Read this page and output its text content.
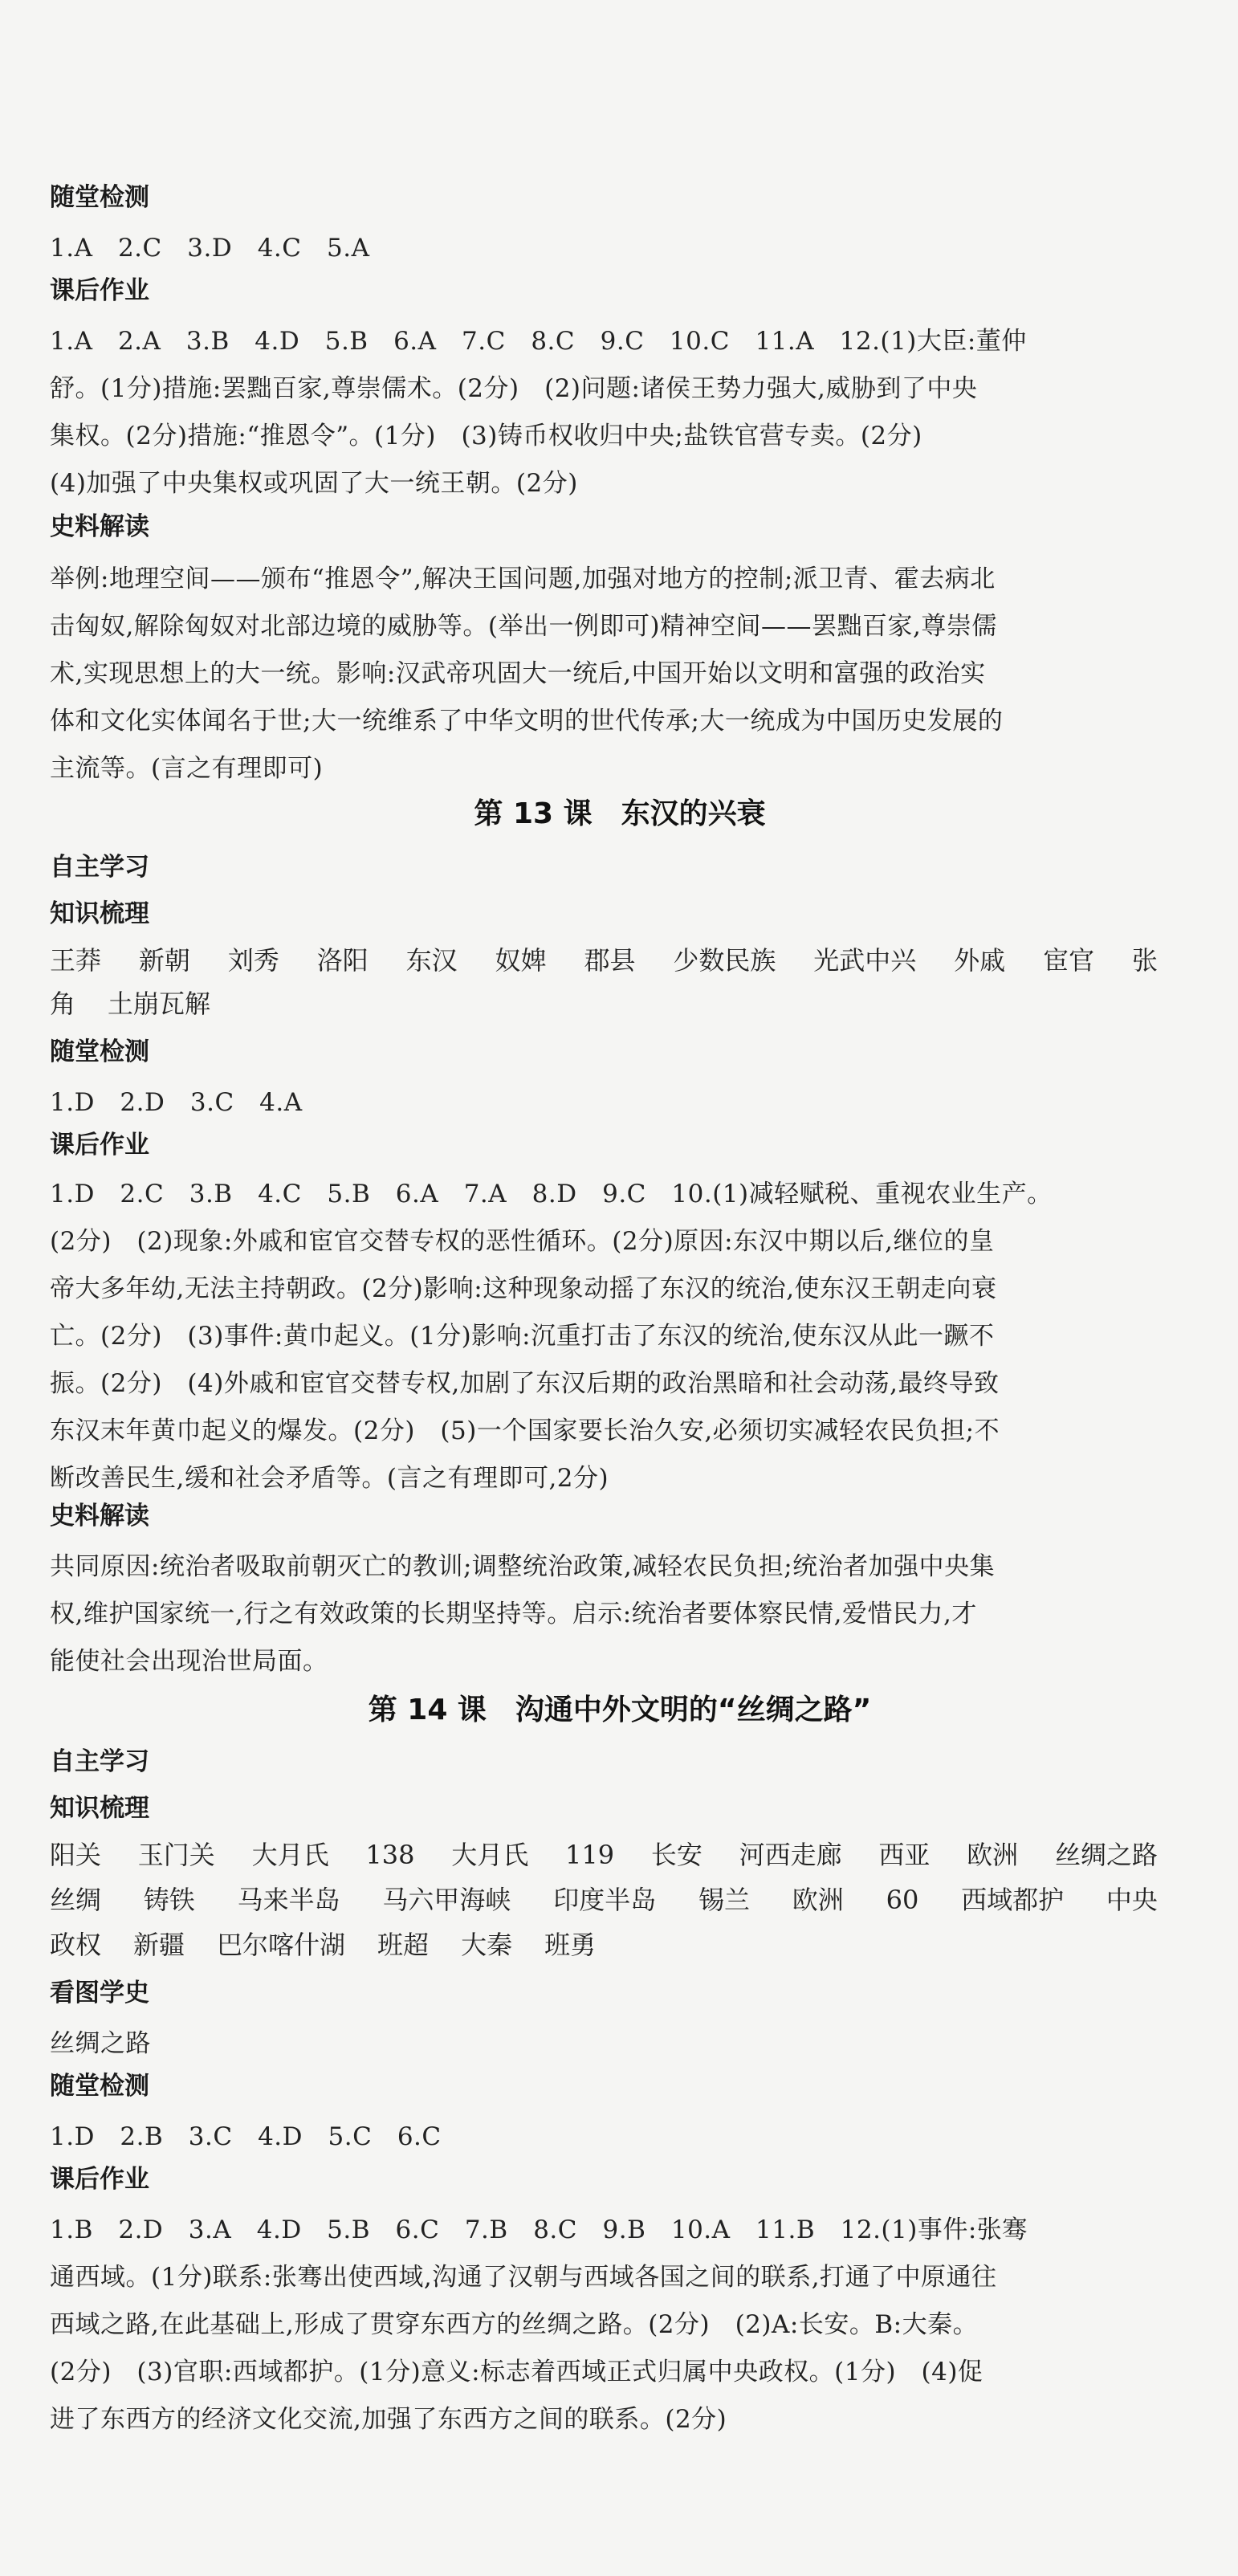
随堂检测
1.A　2.C　3.D　4.C　5.A
课后作业
1.A　2.A　3.B　4.D　5.B　6.A　7.C　8.C　9.C　10.C　11.A　12.(1)大臣:董仲
舒。(1分)措施:罢黜百家,尊崇儒术。(2分)　(2)问题:诸侯王势力强大,威胁到了中央
集权。(2分)措施:“推恩令”。(1分)　(3)铸币权收归中央;盐铁官营专卖。(2分)
(4)加强了中央集权或巩固了大一统王朝。(2分)
史料解读
举例:地理空间——颁布“推恩令”,解决王国问题,加强对地方的控制;派卫青、霍去病北
击匈奴,解除匈奴对北部边境的威胁等。(举出一例即可)精神空间——罢黜百家,尊崇儒
术,实现思想上的大一统。影响:汉武帝巩固大一统后,中国开始以文明和富强的政治实
体和文化实体闻名于世;大一统维系了中华文明的世代传承;大一统成为中国历史发展的
主流等。(言之有理即可)
第 13 课　东汉的兴衰
自主学习
知识梳理
王莽 新朝 刘秀 洛阳 东汉 奴婢 郡县 少数民族 光武中兴 外戚 宦官 张
角 土崩瓦解
随堂检测
1.D　2.D　3.C　4.A
课后作业
1.D　2.C　3.B　4.C　5.B　6.A　7.A　8.D　9.C　10.(1)减轻赋税、重视农业生产。
(2分)　(2)现象:外戚和宦官交替专权的恶性循环。(2分)原因:东汉中期以后,继位的皇
帝大多年幼,无法主持朝政。(2分)影响:这种现象动摇了东汉的统治,使东汉王朝走向衰
亡。(2分)　(3)事件:黄巾起义。(1分)影响:沉重打击了东汉的统治,使东汉从此一蹶不
振。(2分)　(4)外戚和宦官交替专权,加剧了东汉后期的政治黑暗和社会动荡,最终导致
东汉末年黄巾起义的爆发。(2分)　(5)一个国家要长治久安,必须切实减轻农民负担;不
断改善民生,缓和社会矛盾等。(言之有理即可,2分)
史料解读
共同原因:统治者吸取前朝灭亡的教训;调整统治政策,减轻农民负担;统治者加强中央集
权,维护国家统一,行之有效政策的长期坚持等。启示:统治者要体察民情,爱惜民力,才
能使社会出现治世局面。
第 14 课　沟通中外文明的“丝绸之路”
自主学习
知识梳理
阳关 玉门关 大月氏 138 大月氏 119 长安 河西走廊 西亚 欧洲 丝绸之路
丝绸 铸铁 马来半岛 马六甲海峡 印度半岛 锡兰 欧洲 60 西域都护 中央
政权 新疆 巴尔喀什湖 班超 大秦 班勇
看图学史
丝绸之路
随堂检测
1.D　2.B　3.C　4.D　5.C　6.C
课后作业
1.B　2.D　3.A　4.D　5.B　6.C　7.B　8.C　9.B　10.A　11.B　12.(1)事件:张骞
通西域。(1分)联系:张骞出使西域,沟通了汉朝与西域各国之间的联系,打通了中原通往
西域之路,在此基础上,形成了贯穿东西方的丝绸之路。(2分)　(2)A:长安。B:大秦。
(2分)　(3)官职:西域都护。(1分)意义:标志着西域正式归属中央政权。(1分)　(4)促
进了东西方的经济文化交流,加强了东西方之间的联系。(2分)
